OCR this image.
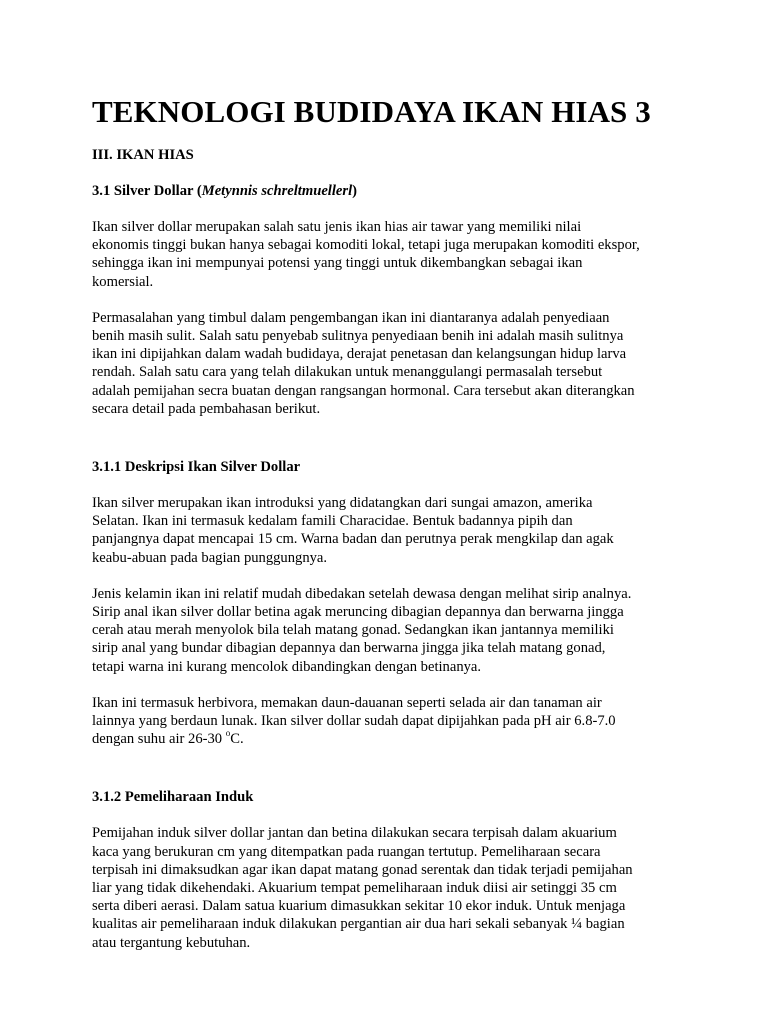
TEKNOLOGI BUDIDAYA IKAN HIAS 3
III. IKAN HIAS
3.1 Silver Dollar (Metynnis schreltmuellerl)

Ikan silver dollar merupakan salah satu jenis ikan hias air tawar yang memiliki nilai
ekonomis tinggi bukan hanya sebagai komoditi lokal, tetapi juga merupakan komoditi ekspor,
sehingga ikan ini mempunyai potensi yang tinggi untuk dikembangkan sebagai ikan
komersial.

Permasalahan yang timbul dalam pengembangan ikan ini diantaranya adalah penyediaan
benih masih sulit. Salah satu penyebab sulitnya penyediaan benih ini adalah masih sulitnya
ikan ini dipijahkan dalam wadah budidaya, derajat penetasan dan kelangsungan hidup larva
rendah. Salah satu cara yang telah dilakukan untuk menanggulangi permasalah tersebut
adalah pemijahan secra buatan dengan rangsangan hormonal. Cara tersebut akan diterangkan
secara detail pada pembahasan berikut.

3.1.1 Deskripsi Ikan Silver Dollar

Ikan silver merupakan ikan introduksi yang didatangkan dari sungai amazon, amerika
Selatan. Ikan ini termasuk kedalam famili Characidae. Bentuk badannya pipih dan
panjangnya dapat mencapai 15 cm. Warna badan dan perutnya perak mengkilap dan agak
keabu-abuan pada bagian punggungnya.

Jenis kelamin ikan ini relatif mudah dibedakan setelah dewasa dengan melihat sirip analnya.
Sirip anal ikan silver dollar betina agak meruncing dibagian depannya dan berwarna jingga
cerah atau merah menyolok bila telah matang gonad. Sedangkan ikan jantannya memiliki
sirip anal yang bundar dibagian depannya dan berwarna jingga jika telah matang gonad,
tetapi warna ini kurang mencolok dibandingkan dengan betinanya.

Ikan ini termasuk herbivora, memakan daun-dauanan seperti selada air dan tanaman air
lainnya yang berdaun lunak. Ikan silver dollar sudah dapat dipijahkan pada pH air 6.8-7.0
dengan suhu air 26-30 $^o$C.

3.1.2 Pemeliharaan Induk

Pemijahan induk silver dollar jantan dan betina dilakukan secara terpisah dalam akuarium
kaca yang berukuran cm yang ditempatkan pada ruangan tertutup. Pemeliharaan secara
terpisah ini dimaksudkan agar ikan dapat matang gonad serentak dan tidak terjadi pemijahan
liar yang tidak dikehendaki. Akuarium tempat pemeliharaan induk diisi air setinggi 35 cm
serta diberi aerasi. Dalam satua kuarium dimasukkan sekitar 10 ekor induk. Untuk menjaga
kualitas air pemeliharaan induk dilakukan pergantian air dua hari sekali sebanyak ¼ bagian
atau tergantung kebutuhan.
